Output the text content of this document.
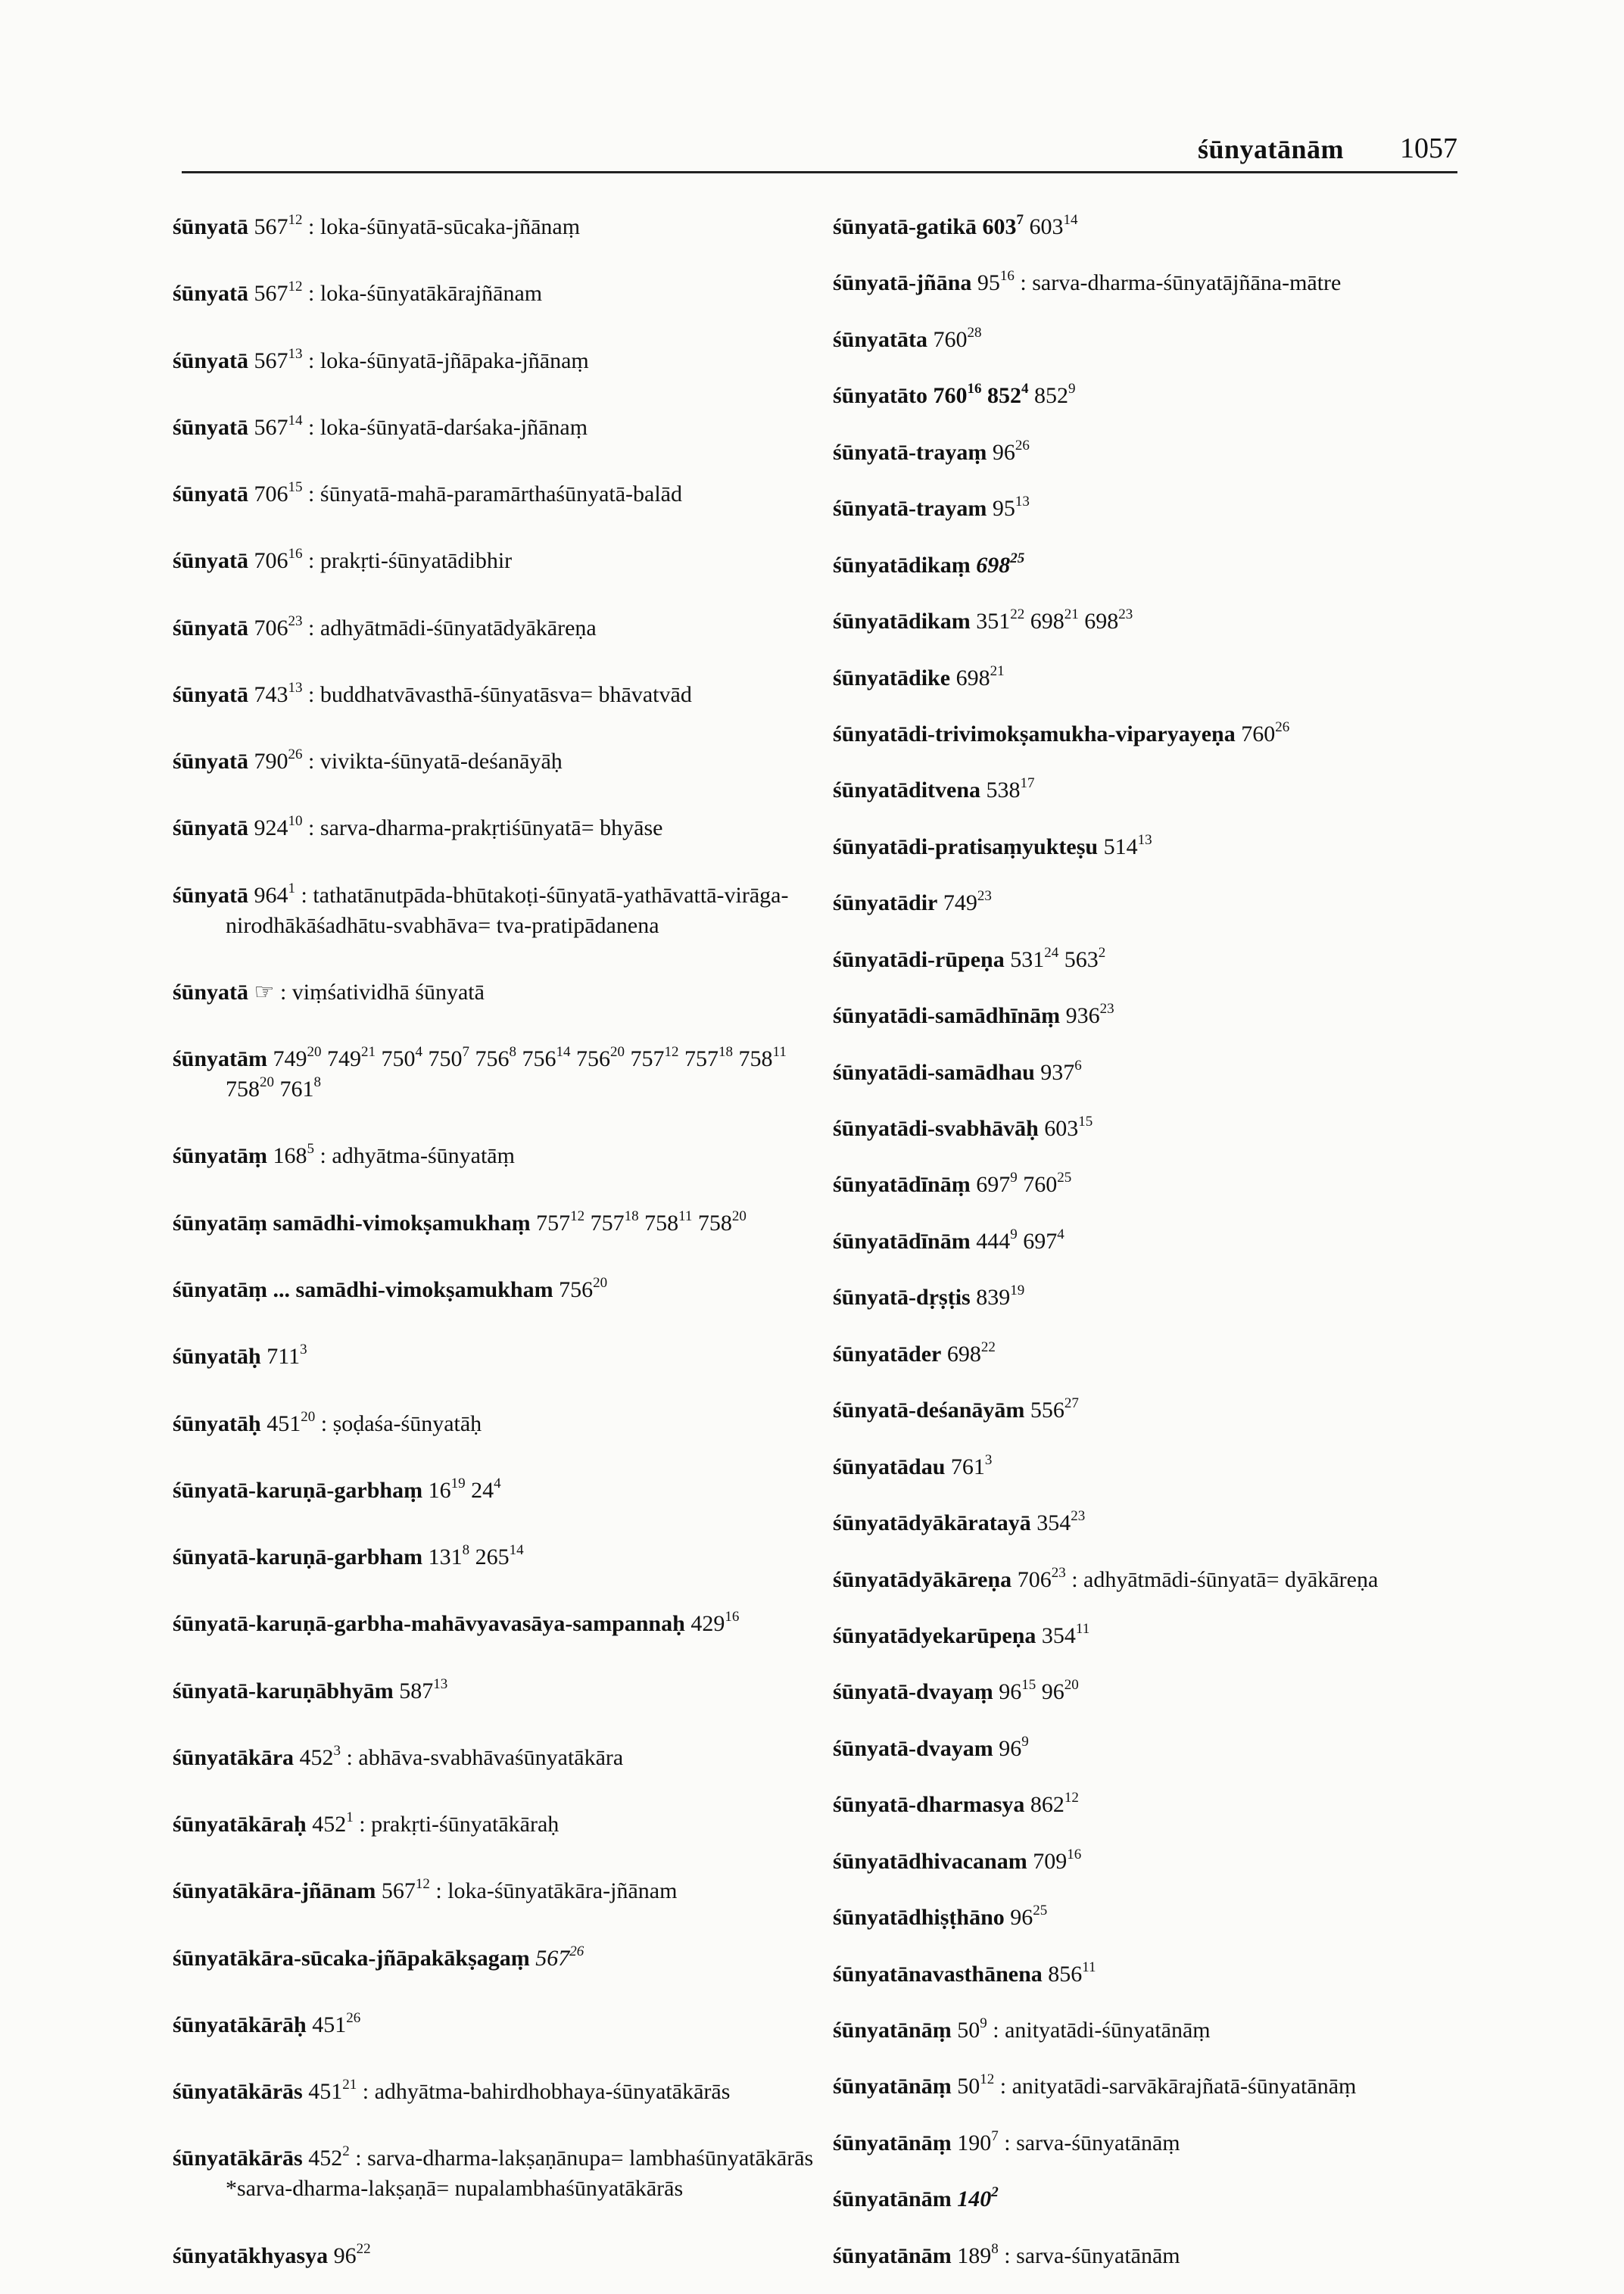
śūnyatānām 1057
śūnyatā $567^{12}$ : loka-śūnyatā-sūcaka-jñānaṃ
śūnyatā $567^{12}$ : loka-śūnyatākārajñānam
śūnyatā $567^{13}$ : loka-śūnyatā-jñāpaka-jñānaṃ
śūnyatā $567^{14}$ : loka-śūnyatā-darśaka-jñānaṃ
śūnyatā $706^{15}$ : śūnyatā-mahā-paramārthaśūnyatā-balād
śūnyatā $706^{16}$ : prakṛti-śūnyatādibhir
śūnyatā $706^{23}$ : adhyātmādi-śūnyatādyākāreṇa
śūnyatā $743^{13}$ : buddhatvāvasthā-śūnyatāsva= bhāvatvād
śūnyatā $790^{26}$ : vivikta-śūnyatā-deśanāyāḥ
śūnyatā $924^{10}$ : sarva-dharma-prakṛtiśūnyatā= bhyāse
śūnyatā $964^1$ : tathatānutpāda-bhūtakoṭi-śūnyatā-yathāvattā-virāga-nirodhākāśadhātu-svabhāva= tva-pratipādanena
śūnyatā ☞ : viṃśatividhā śūnyatā
śūnyatām $749^{20}$ $749^{21}$ $750^4$ $750^7$ $756^8$ $756^{14}$ $756^{20}$ $757^{12}$ $757^{18}$ $758^{11}$ $758^{20}$ $761^8$
śūnyatāṃ $168^5$ : adhyātma-śūnyatāṃ
śūnyatāṃ samādhi-vimokṣamukhaṃ $757^{12}$ $757^{18}$ $758^{11}$ $758^{20}$
śūnyatāṃ ... samādhi-vimokṣamukham $756^{20}$
śūnyatāḥ $711^3$
śūnyatāḥ $451^{20}$ : ṣoḍaśa-śūnyatāḥ
śūnyatā-karuṇā-garbhaṃ $16^{19}$ $24^4$
śūnyatā-karuṇā-garbham $131^8$ $265^{14}$
śūnyatā-karuṇā-garbha-mahāvyavasāya-sampannaḥ $429^{16}$
śūnyatā-karuṇābhyām $587^{13}$
śūnyatākāra $452^3$ : abhāva-svabhāvaśūnyatākāra
śūnyatākāraḥ $452^1$ : prakṛti-śūnyatākāraḥ
śūnyatākāra-jñānam $567^{12}$ : loka-śūnyatākāra-jñānam
śūnyatākāra-sūcaka-jñāpakākṣagaṃ $567^{26}$
śūnyatākārāḥ $451^{26}$
śūnyatākārās $451^{21}$ : adhyātma-bahirdhobhaya-śūnyatākārās
śūnyatākārās $452^2$ : sarva-dharma-lakṣaṇānupa= lambhaśūnyatākārās *sarva-dharma-lakṣaṇā= nupalambhaśūnyatākārās
śūnyatākhyasya $96^{22}$
śūnyatā-gatikā $603^7$ $603^{14}$
śūnyatā-jñāna $95^{16}$ : sarva-dharma-śūnyatājñāna-mātre
śūnyatāta $760^{28}$
śūnyatāto $760^{16}$ $852^4$ $852^9$
śūnyatā-trayaṃ $96^{26}$
śūnyatā-trayam $95^{13}$
śūnyatādikaṃ $698^{25}$
śūnyatādikam $351^{22}$ $698^{21}$ $698^{23}$
śūnyatādike $698^{21}$
śūnyatādi-trivimokṣamukha-viparyayeṇa $760^{26}$
śūnyatāditvena $538^{17}$
śūnyatādi-pratisaṃyukteṣu $514^{13}$
śūnyatādir $749^{23}$
śūnyatādi-rūpeṇa $531^{24}$ $563^2$
śūnyatādi-samādhīnāṃ $936^{23}$
śūnyatādi-samādhau $937^6$
śūnyatādi-svabhāvāḥ $603^{15}$
śūnyatādīnāṃ $697^9$ $760^{25}$
śūnyatādīnām $444^9$ $697^4$
śūnyatā-dṛṣṭis $839^{19}$
śūnyatāder $698^{22}$
śūnyatā-deśanāyām $556^{27}$
śūnyatādau $761^3$
śūnyatādyākāratayā $354^{23}$
śūnyatādyākāreṇa $706^{23}$ : adhyātmādi-śūnyatā= dyākāreṇa
śūnyatādyekarūpeṇa $354^{11}$
śūnyatā-dvayaṃ $96^{15}$ $96^{20}$
śūnyatā-dvayam $96^9$
śūnyatā-dharmasya $862^{12}$
śūnyatādhivacanam $709^{16}$
śūnyatādhiṣṭhāno $96^{25}$
śūnyatānavasthānena $856^{11}$
śūnyatānāṃ $50^9$ : anityatādi-śūnyatānāṃ
śūnyatānāṃ $50^{12}$ : anityatādi-sarvākārajñatā-śūnyatānāṃ
śūnyatānāṃ $190^7$ : sarva-śūnyatānāṃ
śūnyatānām $140^2$
śūnyatānām $189^8$ : sarva-śūnyatānām
